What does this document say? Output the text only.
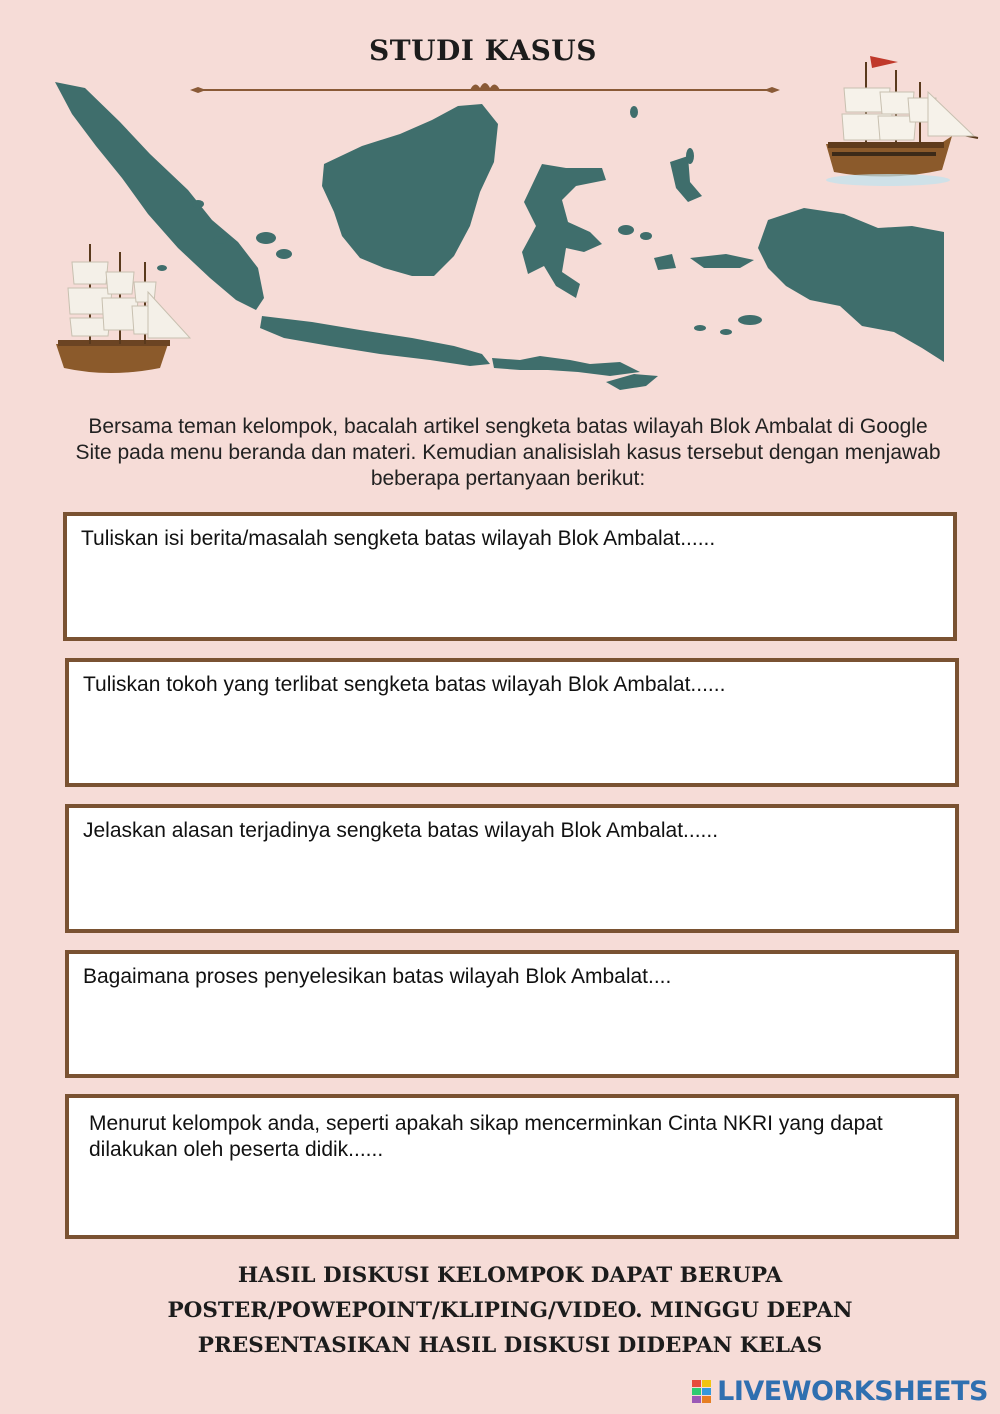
STUDI KASUS
Bersama teman kelompok, bacalah artikel sengketa batas wilayah Blok Ambalat di Google Site pada menu beranda dan materi. Kemudian analisislah kasus tersebut dengan menjawab beberapa pertanyaan berikut:
Tuliskan isi berita/masalah sengketa batas wilayah Blok Ambalat......
Tuliskan tokoh yang terlibat sengketa batas wilayah Blok Ambalat......
Jelaskan alasan terjadinya sengketa batas wilayah Blok Ambalat......
Bagaimana proses penyelesikan batas wilayah Blok Ambalat....
Menurut kelompok anda, seperti apakah sikap mencerminkan Cinta NKRI yang dapat dilakukan oleh peserta didik......
HASIL DISKUSI KELOMPOK DAPAT BERUPA
POSTER/POWEPOINT/KLIPING/VIDEO. MINGGU DEPAN
PRESENTASIKAN HASIL DISKUSI DIDEPAN KELAS
LIVEWORKSHEETS
